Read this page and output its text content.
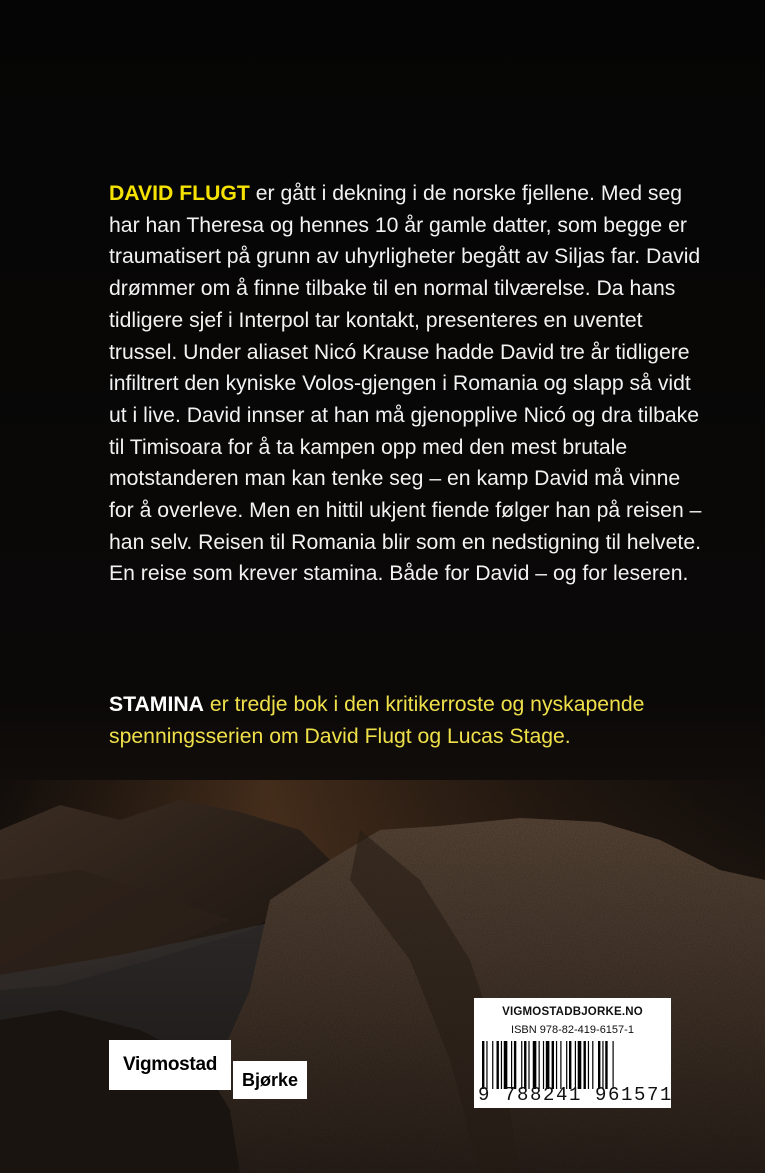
DAVID FLUGT er gått i dekning i de norske fjellene. Med seg har han Theresa og hennes 10 år gamle datter, som begge er traumatisert på grunn av uhyrligheter begått av Siljas far. David drømmer om å finne tilbake til en normal tilværelse. Da hans tidligere sjef i Interpol tar kontakt, presenteres en uventet trussel. Under aliaset Nicó Krause hadde David tre år tidligere infiltrert den kyniske Volos-gjengen i Romania og slapp så vidt ut i live. David innser at han må gjenopplive Nicó og dra tilbake til Timisoara for å ta kampen opp med den mest brutale motstanderen man kan tenke seg – en kamp David må vinne for å overleve. Men en hittil ukjent fiende følger han på reisen – han selv. Reisen til Romania blir som en nedstigning til helvete. En reise som krever stamina. Både for David – og for leseren.

STAMINA er tredje bok i den kritikerroste og nyskapende spenningsserien om David Flugt og Lucas Stage.

Vigmostad
Bjørke
VIGMOSTADBJORKE.NO
ISBN 978-82-419-6157-1
9 788241 961571
